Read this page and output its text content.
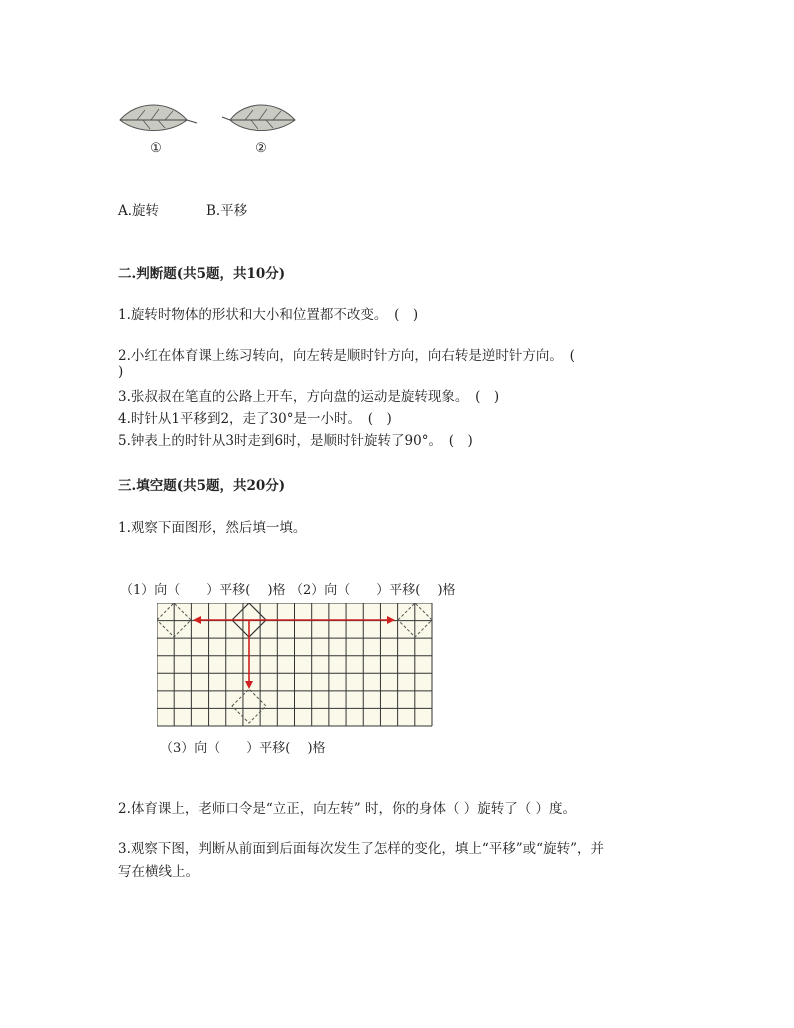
①	②
A.旋转	B.平移
二.判断题(共5题，共10分)
1.旋转时物体的形状和大小和位置都不改变。　(　)
2.小红在体育课上练习转向，向左转是顺时针方向，向右转是逆时针方向。　(
)
3.张叔叔在笔直的公路上开车，方向盘的运动是旋转现象。　(　)
4.时针从1平移到2，走了30°是一小时。　(　)
5.钟表上的时针从3时走到6时，是顺时针旋转了90°。　(　)
三.填空题(共5题，共20分)
1.观察下面图形，然后填一填。
（1）向（　　）平移(　 )格 （2）向（　　）平移(　 )格
（3）向（　　）平移(　 )格
2.体育课上，老师口令是“立正，向左转” 时，你的身体（ ）旋转了（ ）度。
3.观察下图，判断从前面到后面每次发生了怎样的变化，填上“平移”或“旋转”，并
写在横线上。
